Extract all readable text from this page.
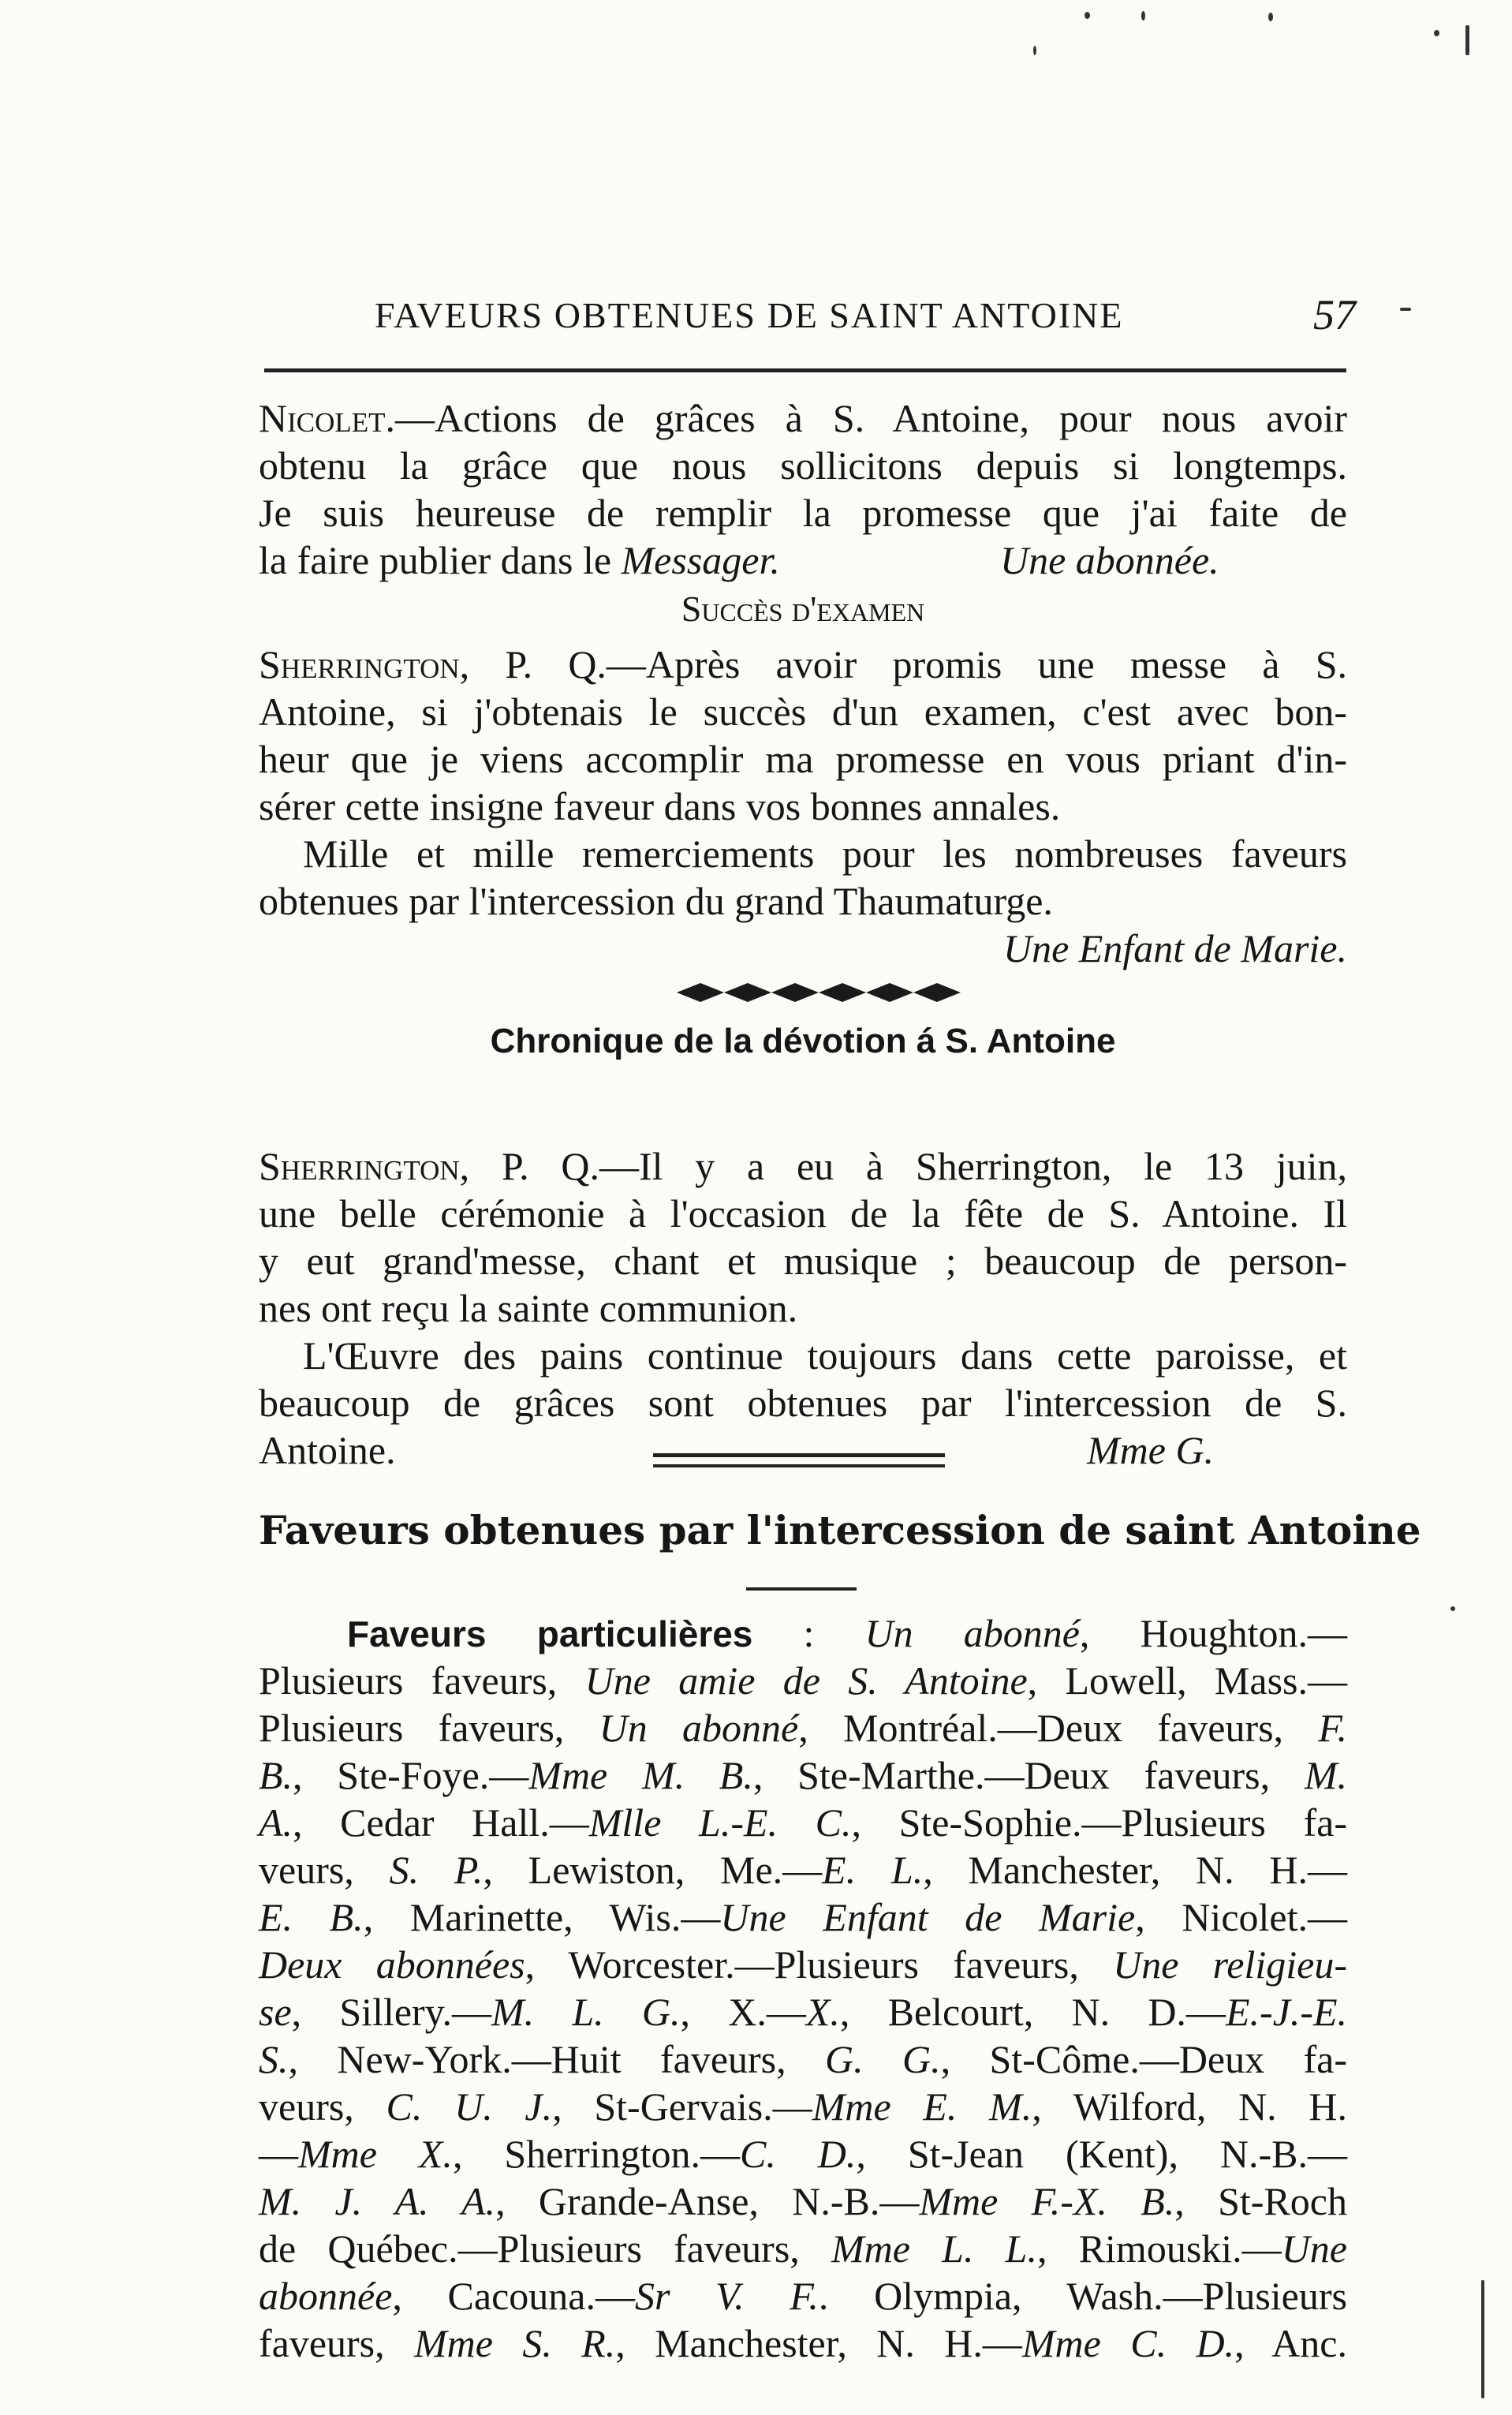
FAVEURS OBTENUES DE SAINT ANTOINE	57
Nicolet.—Actions de grâces à S. Antoine, pour nous avoir
obtenu la grâce que nous sollicitons depuis si longtemps.
Je suis heureuse de remplir la promesse que j'ai faite de
la faire publier dans le Messager.	Une abonnée.
Succès d'examen
Sherrington, P. Q.—Après avoir promis une messe à S.
Antoine, si j'obtenais le succès d'un examen, c'est avec bon-
heur que je viens accomplir ma promesse en vous priant d'in-
sérer cette insigne faveur dans vos bonnes annales.
Mille et mille remerciements pour les nombreuses faveurs
obtenues par l'intercession du grand Thaumaturge.
Une Enfant de Marie.
Chronique de la dévotion á S. Antoine
Sherrington, P. Q.—Il y a eu à Sherrington, le 13 juin,
une belle cérémonie à l'occasion de la fête de S. Antoine. Il
y eut grand'messe, chant et musique ; beaucoup de person-
nes ont reçu la sainte communion.
L'Œuvre des pains continue toujours dans cette paroisse, et
beaucoup de grâces sont obtenues par l'intercession de S.
Antoine.	Mme G.
Faveurs obtenues par l'intercession de saint Antoine
Faveurs particulières : Un abonné, Houghton.—
Plusieurs faveurs, Une amie de S. Antoine, Lowell, Mass.—
Plusieurs faveurs, Un abonné, Montréal.—Deux faveurs, F.
B., Ste-Foye.—Mme M. B., Ste-Marthe.—Deux faveurs, M.
A., Cedar Hall.—Mlle L.-E. C., Ste-Sophie.—Plusieurs fa-
veurs, S. P., Lewiston, Me.—E. L., Manchester, N. H.—
E. B., Marinette, Wis.—Une Enfant de Marie, Nicolet.—
Deux abonnées, Worcester.—Plusieurs faveurs, Une religieu-
se, Sillery.—M. L. G., X.—X., Belcourt, N. D.—E.-J.-E.
S., New-York.—Huit faveurs, G. G., St-Côme.—Deux fa-
veurs, C. U. J., St-Gervais.—Mme E. M., Wilford, N. H.
—Mme X., Sherrington.—C. D., St-Jean (Kent), N.-B.—
M. J. A. A., Grande-Anse, N.-B.—Mme F.-X. B., St-Roch
de Québec.—Plusieurs faveurs, Mme L. L., Rimouski.—Une
abonnée, Cacouna.—Sr V. F.. Olympia, Wash.—Plusieurs
faveurs, Mme S. R., Manchester, N. H.—Mme C. D., Anc.
